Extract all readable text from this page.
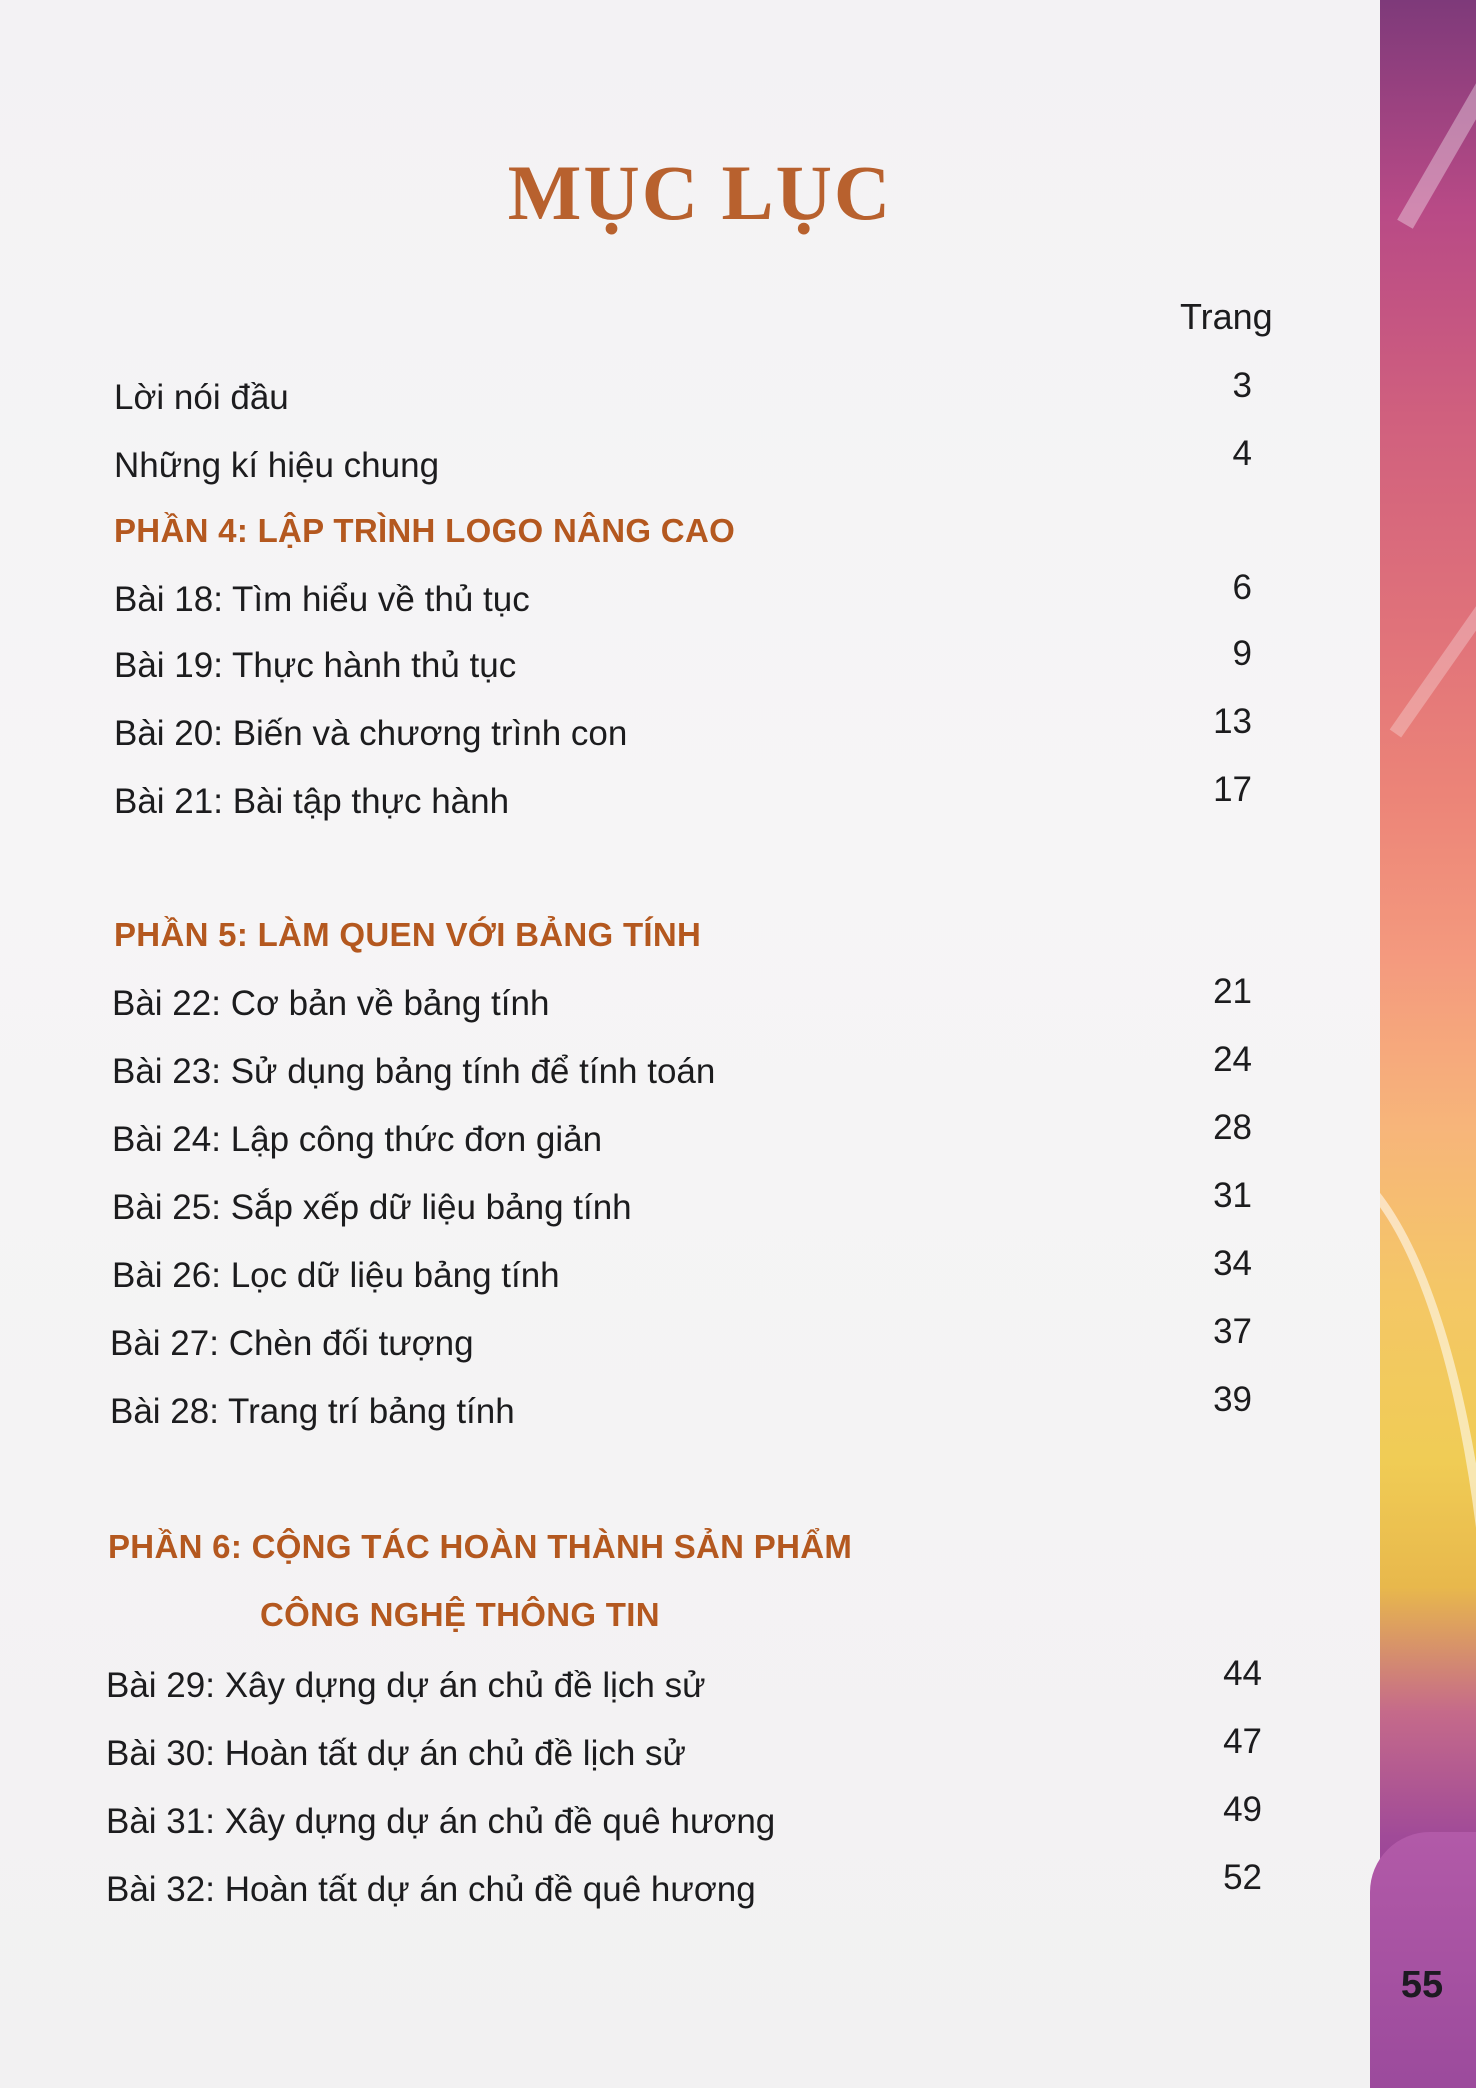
55
MỤC LỤC
Trang
Lời nói đầu	3
Những kí hiệu chung	4
PHẦN 4: LẬP TRÌNH LOGO NÂNG CAO
Bài 18: Tìm hiểu về thủ tục	6
Bài 19: Thực hành thủ tục	9
Bài 20: Biến và chương trình con	13
Bài 21: Bài tập thực hành	17
PHẦN 5: LÀM QUEN VỚI BẢNG TÍNH
Bài 22: Cơ bản về bảng tính	21
Bài 23: Sử dụng bảng tính để tính toán	24
Bài 24: Lập công thức đơn giản	28
Bài 25: Sắp xếp dữ liệu bảng tính	31
Bài 26: Lọc dữ liệu bảng tính	34
Bài 27: Chèn đối tượng	37
Bài 28: Trang trí bảng tính	39
PHẦN 6: CỘNG TÁC HOÀN THÀNH SẢN PHẨM
CÔNG NGHỆ THÔNG TIN
Bài 29: Xây dựng dự án chủ đề lịch sử	44
Bài 30: Hoàn tất dự án chủ đề lịch sử	47
Bài 31: Xây dựng dự án chủ đề quê hương	49
Bài 32: Hoàn tất dự án chủ đề quê hương	52
